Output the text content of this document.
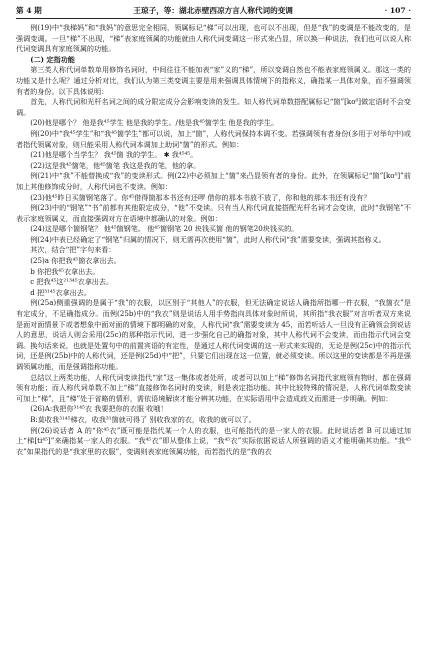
第 4 期	王琼子，等：湖北赤壁西凉方言人称代词的变调	· 107 ·

例(19)中“我梯妈”和“我妈”的意思完全相同，领属标记“梯”可以出现，也可以不出现，但是“我”的变调是不能改变的，是强调变调。一旦“梯”不出现，“梯”表家庭领属的功能就由人称代词变调这一形式来凸显，所以换一种说法，我们也可以说人称代词变调具有家庭领属的功能。

(二) 定指功能

第三类人称代词单数单用修饰名词时，中间往往不能加表“家”义的“梯”，所以变调自然也不能表家庭领属义。那这一类的功能又是什么呢？通过分析对比，我们认为第三类变调主要是用来强调具体情境下的指称义，确指某一具体对象，而不强调领有者的身份。以下具体说明：

首先，人称代词和光杆名词之间的成分限定成分会影响变读的发生。如人称代词单数搭配属标记“箇”[ko⁰]做定语时不会变调。

(20)他是哪个？ 他是我⁴⁵学生 他是我的学生。/他是我⁴⁵箇学生 他是我的学生。

例(20)中“我⁴⁵学生”和“我⁴⁵箇学生”都可以说，加上“箇”，人称代词保持本调不变。若强调领有者身份(多用于对举句中)或者指代领属对象，则只能采用人称代词本调加上助词“箇”的形式。例如：

(21)他是哪个当学生？ 我⁴⁵箇 我的学生。 ✱ 我⁴⁵⁴⁵。

(22)这是我⁴⁵箇笔，他⁴⁵箇笔 我这是我的笔，他的拿。

例(21)中“我”不能替换成“我”的变读形式。例(22)中必须加上“箇”来凸显领有者的身份。此外，在领属标记“箇”[ko⁰]”前加上其他修饰成分时，人称代词也不变读。例如：

(23)他⁴⁵昨日买箇钢笔落了。你⁴⁵借得箇那本书还有还啰 借你的那本书放不放了，你和他的那本书还有没有？

例(23)中的“钢笔”“书”前都有其他限定成分，“他”不变读。只有当人称代词直接搭配光杆名词才会变读，此时“我钢笔”不表示家庭领属义，而直接强调对方在语境中都确认的对象。例如：

(24)这是哪个箇钢笔？ 他⁴⁵箇钢笔。 他⁴⁵箇钢笔 20 块钱买箇 他的钢笔20块钱买的。

例(24)中表已经确定了“钢笔”归属的情况下，则无需再次使用“箇”，此时人称代词“我”需要变读，强调其指称义。

其次，结合“把”字句来看：

(25)a 你把我⁴⁵箇衣拿出去。

b 你把我⁴⁵衣拿出去。

c 把我⁴⁵这²¹³⁴⁵衣拿出去。

d 把³¹⁴⁵衣拿出去。

例(25a)侧重强调的是属于“我”的衣服，以区别于“其他人”的衣服，但无法确定说话人确指所指哪一件衣服，“我箇衣”是有定成分，不足确指成分。而例(25b)中的“我衣”则是说话人用手势指向具体对象时所说，其所指“我衣服”对言听者双方来说是面对面情景下或者想象中面对面的情境下都明确的对象，人称代词“我”需要变读为 45，而若听话人一旦没有正确领会到说话人的意思，说话人则会采用(25c)的那种指示代词，进一步强化自己的确指对象，其中人称代词不会变读，而由指示代词会变调。换句话来说，也就是处置句中的前置宾语的有定性，是通过人称代词变调的这一形式来实现的，无论是例(25c)中的指示代词，还是例(25b)中的人称代词，还是例(25d)中“把”，只要它们出现在这一位置，就必须变读。所以这里的变读都是不再是强调领属功能，而是强调指称功能。

总结以上两类功能，人称代词变读指代“家”这一集体或者处所，或者可以加上“梯”修饰名词指代家庭领有物时，都在强调领有功能；而人称代词单数不加上“梯”直接修饰名词时的变读，则是表定指功能。其中比较特殊的情况是，人称代词单数变读可加上“梯”，且“梯”处于省略的情形，需依语境解读才能分辨其功能，在实际语用中会造成歧义而需进一步明确。例如：

(26)A:我把你³¹⁴⁵衣 我要把你的衣服 收哦！

B:莫收我³¹⁴⁵梯衣，收我³¹箇就可得了 别收我家的衣，收我的就可以了。

例(26)说话者 A 的“你⁴⁵衣”既可能是指代某一个人的衣服，也可能指代的是一家人的衣服。此时说话者 B 可以通过加上“梯[ti⁴⁵]”来确指某一家人的衣服。“我⁴⁵衣”即从整体上说，“我⁴⁵衣”实际依据说话人所强调的语义才能明确其功能。“我⁴⁵衣”如果指代的是“我家里的衣服”，变调则表家庭领属功能，而若指代的是“我的衣
